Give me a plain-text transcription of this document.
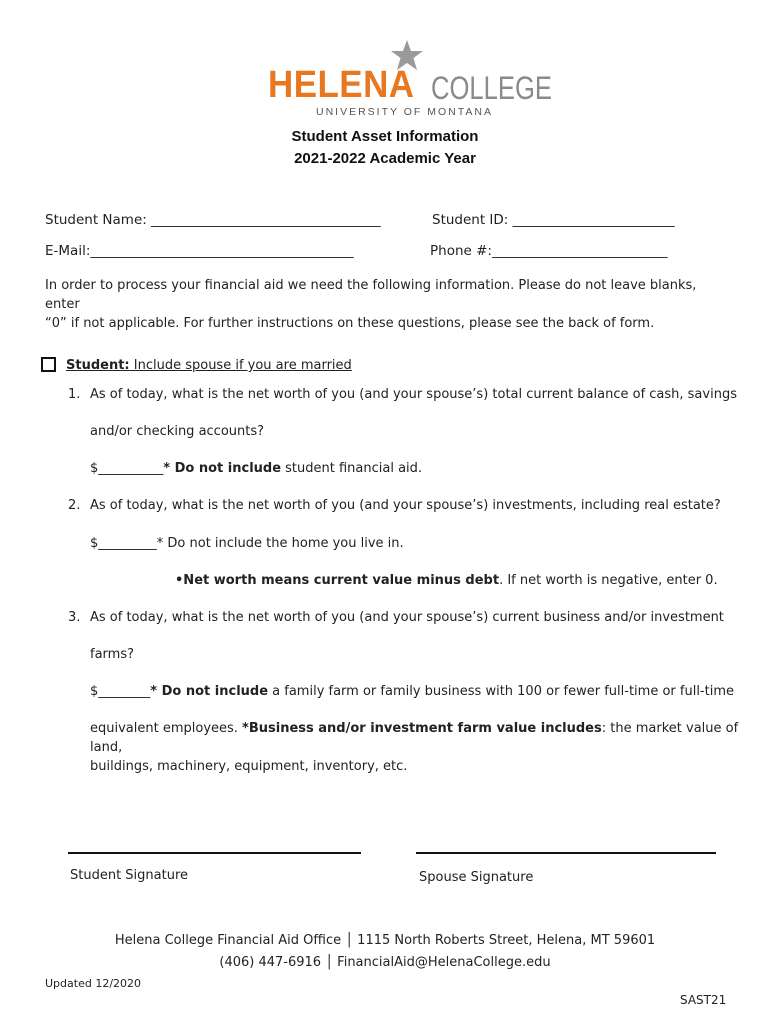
HELENA COLLEGE
UNIVERSITY OF MONTANA
Student Asset Information
2021-2022 Academic Year
Student Name: __________________________________	Student ID: ________________________
E-Mail:_______________________________________	Phone #:__________________________
In order to process your financial aid we need the following information. Please do not leave blanks, enter
“0” if not applicable. For further instructions on these questions, please see the back of form.
Student: Include spouse if you are married
1. As of today, what is the net worth of you (and your spouse’s) total current balance of cash, savings
and/or checking accounts?
$__________* Do not include student financial aid.
2. As of today, what is the net worth of you (and your spouse’s) investments, including real estate?
$_________* Do not include the home you live in.
•Net worth means current value minus debt. If net worth is negative, enter 0.
3. As of today, what is the net worth of you (and your spouse’s) current business and/or investment
farms?
$________* Do not include a family farm or family business with 100 or fewer full-time or full-time
equivalent employees. *Business and/or investment farm value includes: the market value of land,
buildings, machinery, equipment, inventory, etc.
Student Signature	Spouse Signature
Helena College Financial Aid Office │ 1115 North Roberts Street, Helena, MT 59601
(406) 447-6916 │ FinancialAid@HelenaCollege.edu
Updated 12/2020
SAST21
